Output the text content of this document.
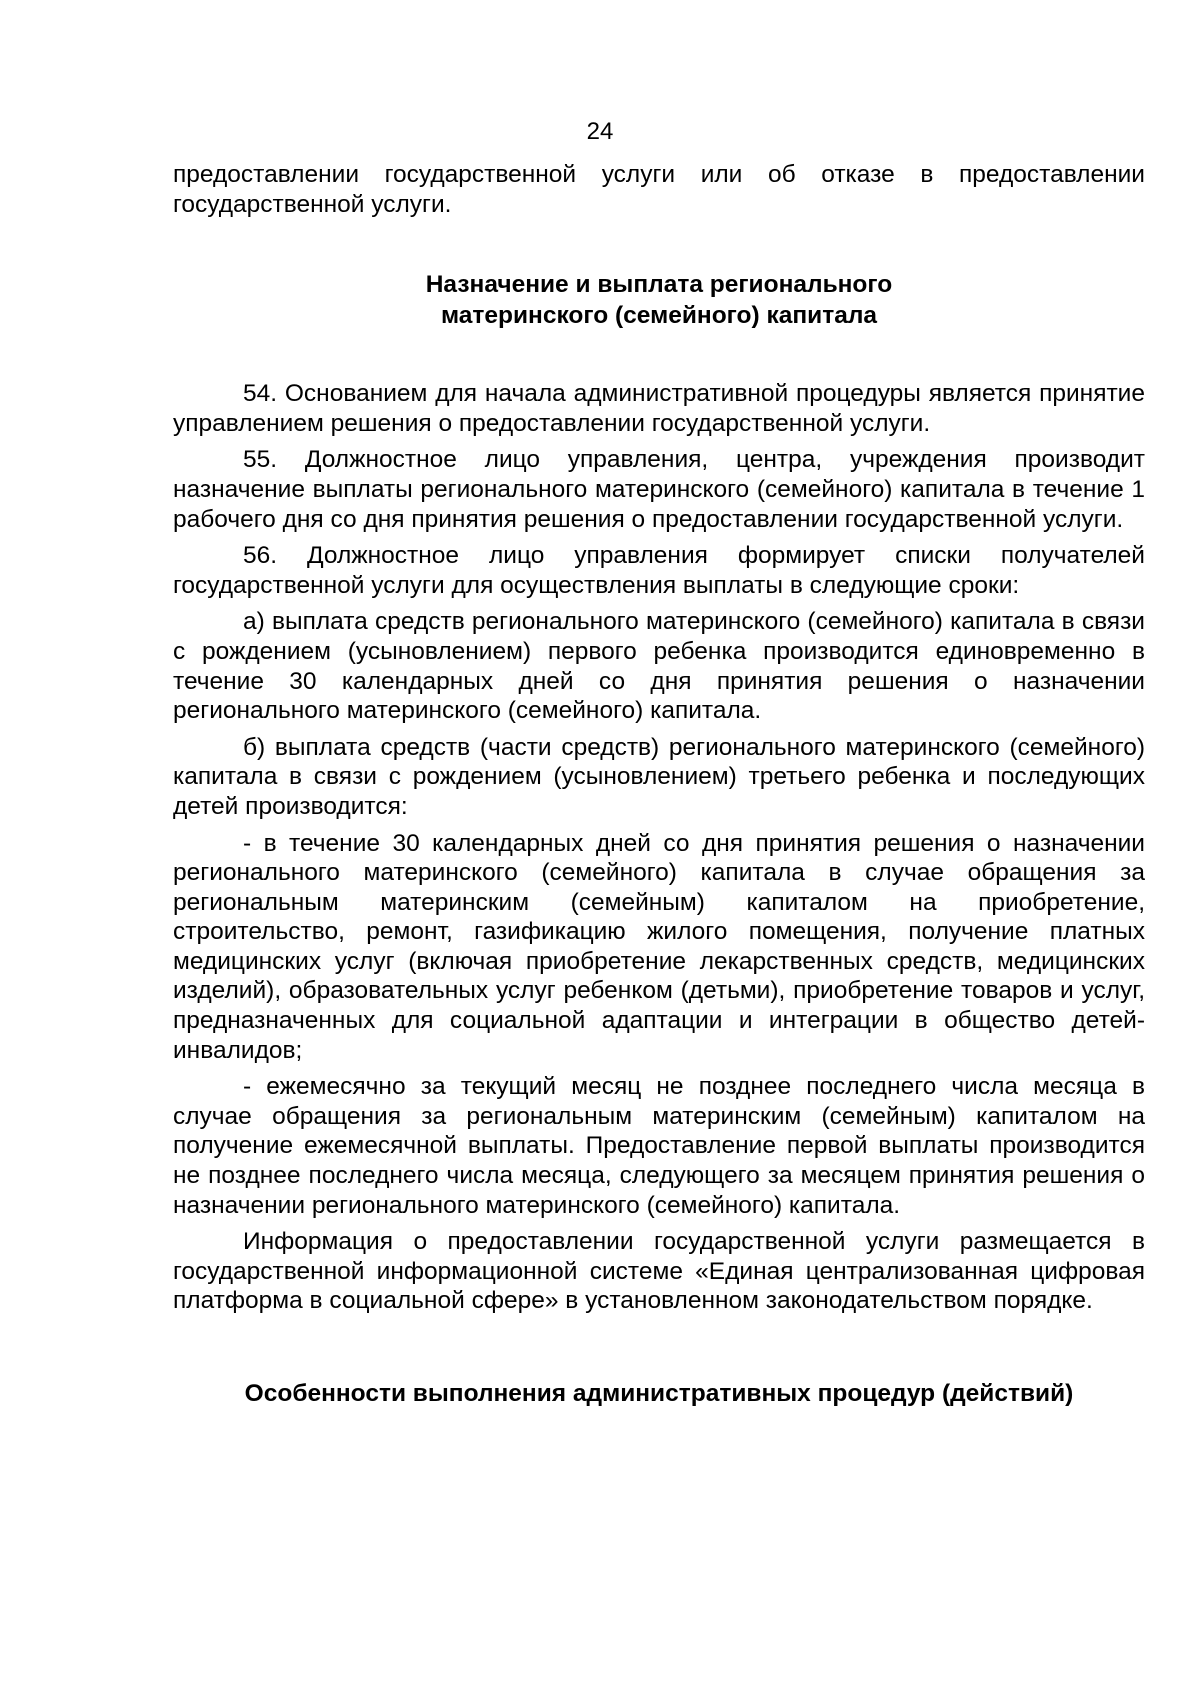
24

предоставлении государственной услуги или об отказе в предоставлении государственной услуги.

Назначение и выплата регионального
материнского (семейного) капитала

54. Основанием для начала административной процедуры является принятие управлением решения о предоставлении государственной услуги.

55. Должностное лицо управления, центра, учреждения производит назначение выплаты регионального материнского (семейного) капитала в течение 1 рабочего дня со дня принятия решения о предоставлении государственной услуги.

56. Должностное лицо управления формирует списки получателей государственной услуги для осуществления выплаты в следующие сроки:

а) выплата средств регионального материнского (семейного) капитала в связи с рождением (усыновлением) первого ребенка производится единовременно в течение 30 календарных дней со дня принятия решения о назначении регионального материнского (семейного) капитала.

б) выплата средств (части средств) регионального материнского (семейного) капитала в связи с рождением (усыновлением) третьего ребенка и последующих детей производится:

- в течение 30 календарных дней со дня принятия решения о назначении регионального материнского (семейного) капитала в случае обращения за региональным материнским (семейным) капиталом на приобретение, строительство, ремонт, газификацию жилого помещения, получение платных медицинских услуг (включая приобретение лекарственных средств, медицинских изделий), образовательных услуг ребенком (детьми), приобретение товаров и услуг, предназначенных для социальной адаптации и интеграции в общество детей-инвалидов;

- ежемесячно за текущий месяц не позднее последнего числа месяца в случае обращения за региональным материнским (семейным) капиталом на получение ежемесячной выплаты. Предоставление первой выплаты производится не позднее последнего числа месяца, следующего за месяцем принятия решения о назначении регионального материнского (семейного) капитала.

Информация о предоставлении государственной услуги размещается в государственной информационной системе «Единая централизованная цифровая платформа в социальной сфере» в установленном законодательством порядке.

Особенности выполнения административных процедур (действий)
